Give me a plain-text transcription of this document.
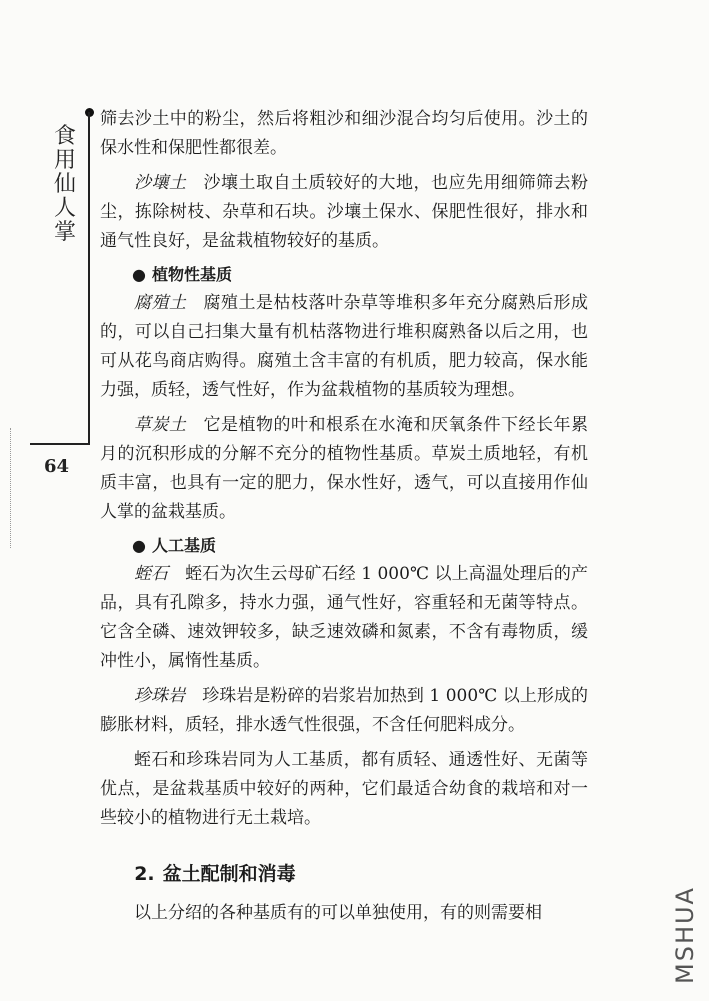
食用仙人掌
64

筛去沙土中的粉尘，然后将粗沙和细沙混合均匀后使用。沙土的保水性和保肥性都很差。

沙壤土 沙壤土取自土质较好的大地，也应先用细筛筛去粉尘，拣除树枝、杂草和石块。沙壤土保水、保肥性很好，排水和通气性良好，是盆栽植物较好的基质。

● 植物性基质

腐殖土 腐殖土是枯枝落叶杂草等堆积多年充分腐熟后形成的，可以自己扫集大量有机枯落物进行堆积腐熟备以后之用，也可从花鸟商店购得。腐殖土含丰富的有机质，肥力较高，保水能力强，质轻，透气性好，作为盆栽植物的基质较为理想。

草炭土 它是植物的叶和根系在水淹和厌氧条件下经长年累月的沉积形成的分解不充分的植物性基质。草炭土质地轻，有机质丰富，也具有一定的肥力，保水性好，透气，可以直接用作仙人掌的盆栽基质。

● 人工基质

蛭石 蛭石为次生云母矿石经 1 000℃ 以上高温处理后的产品，具有孔隙多，持水力强，通气性好，容重轻和无菌等特点。它含全磷、速效钾较多，缺乏速效磷和氮素，不含有毒物质，缓冲性小，属惰性基质。

珍珠岩 珍珠岩是粉碎的岩浆岩加热到 1 000℃ 以上形成的膨胀材料，质轻，排水透气性很强，不含任何肥料成分。

蛭石和珍珠岩同为人工基质，都有质轻、通透性好、无菌等优点，是盆栽基质中较好的两种，它们最适合幼食的栽培和对一些较小的植物进行无土栽培。

2. 盆土配制和消毒

以上分绍的各种基质有的可以单独使用，有的则需要相	MSHUA
